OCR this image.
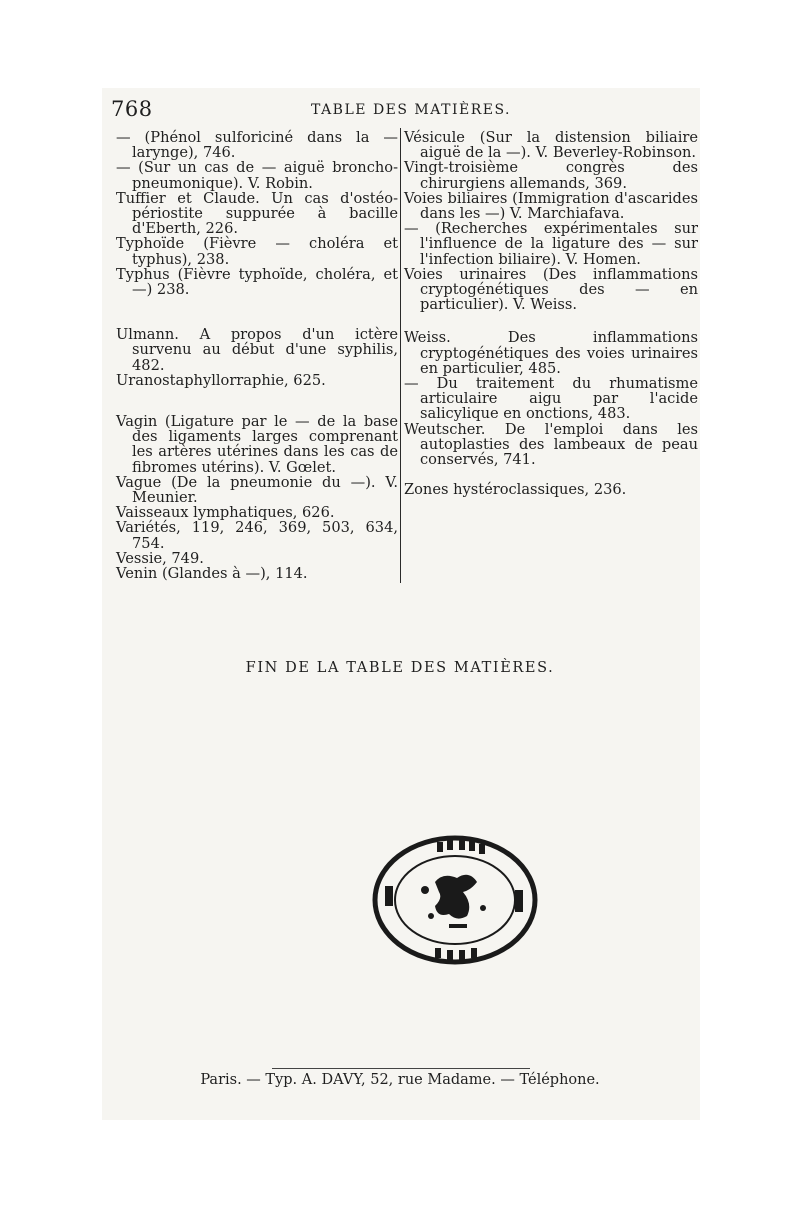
768	TABLE DES MATIÈRES.

— (Phénol sulforiciné dans la — larynge), 746.

— (Sur un cas de — aiguë broncho-pneumonique). V. Robin.

Tuffier et Claude. Un cas d'ostéo-périostite suppurée à bacille d'Eberth, 226.

Typhoïde (Fièvre — choléra et typhus), 238.

Typhus (Fièvre typhoïde, choléra, et —) 238.

Ulmann. A propos d'un ictère survenu au début d'une syphilis, 482.

Uranostaphyllorraphie, 625.

Vagin (Ligature par le — de la base des ligaments larges comprenant les artères utérines dans les cas de fibromes utérins). V. Gœlet.

Vague (De la pneumonie du —). V. Meunier.

Vaisseaux lymphatiques, 626.

Variétés, 119, 246, 369, 503, 634, 754.

Vessie, 749.

Venin (Glandes à —), 114.

Vésicule (Sur la distension biliaire aiguë de la —). V. Beverley-Robinson.

Vingt-troisième congrès des chirurgiens allemands, 369.

Voies biliaires (Immigration d'ascarides dans les —) V. Marchiafava.

— (Recherches expérimentales sur l'influence de la ligature des — sur l'infection biliaire). V. Homen.

Voies urinaires (Des inflammations cryptogénétiques des — en particulier). V. Weiss.

Weiss. Des inflammations cryptogénétiques des voies urinaires en particulier, 485.

— Du traitement du rhumatisme articulaire aigu par l'acide salicylique en onctions, 483.

Weutscher. De l'emploi dans les autoplasties des lambeaux de peau conservés, 741.

Zones hystéroclassiques, 236.

FIN DE LA TABLE DES MATIÈRES.
Paris. — Typ. A. DAVY, 52, rue Madame. — Téléphone.
